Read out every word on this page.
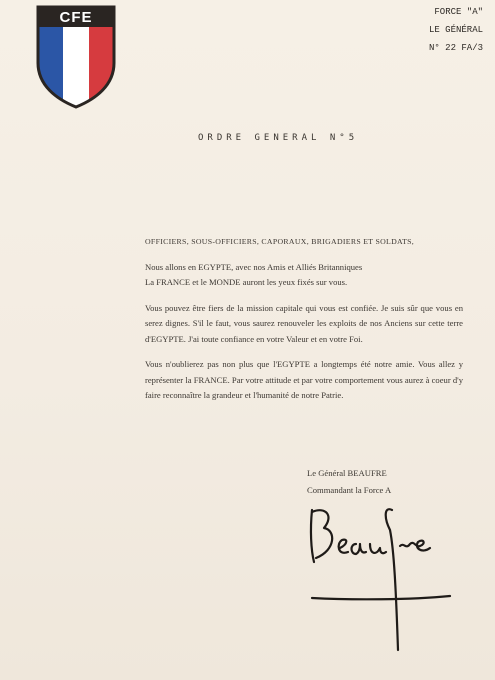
CFE	FORCE "A"
LE GÉNÉRAL
N° 22 FA/3
ORDRE GENERAL N°5

OFFICIERS, SOUS-OFFICIERS, CAPORAUX, BRIGADIERS ET SOLDATS,

Nous allons en EGYPTE, avec nos Amis et Alliés Britanniques

La FRANCE et le MONDE auront les yeux fixés sur vous.

Vous pouvez être fiers de la mission capitale qui vous est confiée. Je suis sûr que vous en serez dignes. S'il le faut, vous saurez renouveler les exploits de nos Anciens sur cette terre d'EGYPTE. J'ai toute confiance en votre Valeur et en votre Foi.

Vous n'oublierez pas non plus que l'EGYPTE a longtemps été notre amie. Vous allez y représenter la FRANCE. Par votre attitude et par votre comportement vous aurez à coeur d'y faire reconnaître la grandeur et l'humanité de notre Patrie.

Le Général BEAUFRE
Commandant la Force A
